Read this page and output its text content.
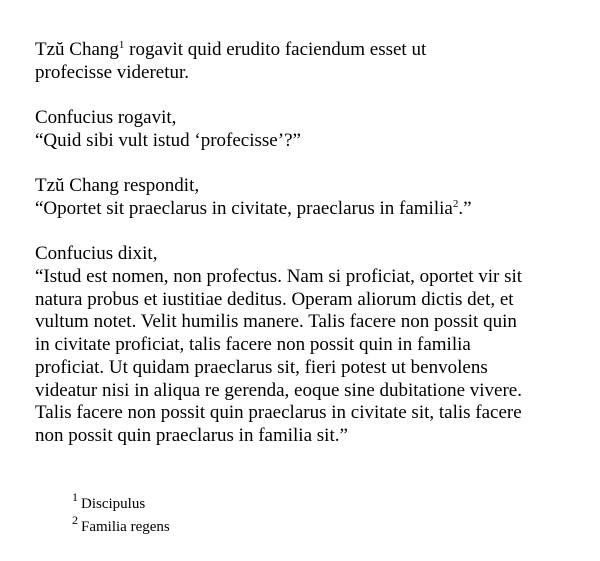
Tzŭ Chang$^1$ rogavit quid erudito faciendum esset ut
profecisse videretur.

Confucius rogavit,
“Quid sibi vult istud ‘profecisse’?”

Tzŭ Chang respondit,
“Oportet sit praeclarus in civitate, praeclarus in familia$^2$.”

Confucius dixit,
“Istud est nomen, non profectus. Nam si proficiat, oportet vir sit natura probus et iustitiae deditus. Operam aliorum dictis det, et vultum notet. Velit humilis manere. Talis facere non possit quin in civitate proficiat, talis facere non possit quin in familia proficiat. Ut quidam praeclarus sit, fieri potest ut benvolens videatur nisi in aliqua re gerenda, eoque sine dubitatione vivere. Talis facere non possit quin praeclarus in civitate sit, talis facere non possit quin praeclarus in familia sit.”
$^1$ Discipulus
$^2$ Familia regens
